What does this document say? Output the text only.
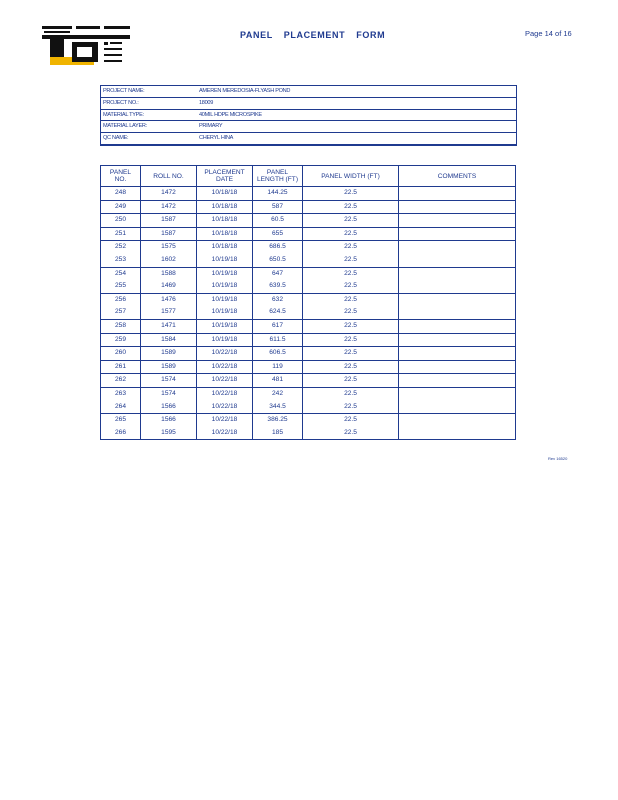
PANEL PLACEMENT FORM	Page 14 of 16
PROJECT NAME:	AMEREN MEREDOSIA-FLYASH POND
PROJECT NO.:	18009
MATERIAL TYPE:	40MIL HDPE MICROSPIKE
MATERIAL LAYER:	PRIMARY
QC NAME:	CHERYL HINA
PANEL NO.	ROLL NO.	PLACEMENT DATE	PANEL LENGTH (FT)	PANEL WIDTH (FT)	COMMENTS
248	1472	10/18/18	144.25	22.5	
249	1472	10/18/18	587	22.5	
250	1587	10/18/18	60.5	22.5	
251	1587	10/18/18	655	22.5	
252	1575	10/18/18	686.5	22.5	
253	1602	10/19/18	650.5	22.5	
254	1588	10/19/18	647	22.5	
255	1469	10/19/18	639.5	22.5	
256	1476	10/19/18	632	22.5	
257	1577	10/19/18	624.5	22.5	
258	1471	10/19/18	617	22.5	
259	1584	10/19/18	611.5	22.5	
260	1589	10/22/18	606.5	22.5	
261	1589	10/22/18	119	22.5	
262	1574	10/22/18	481	22.5	
263	1574	10/22/18	242	22.5	
264	1566	10/22/18	344.5	22.5	
265	1566	10/22/18	386.25	22.5	
266	1595	10/22/18	185	22.5	
Rev 16520
